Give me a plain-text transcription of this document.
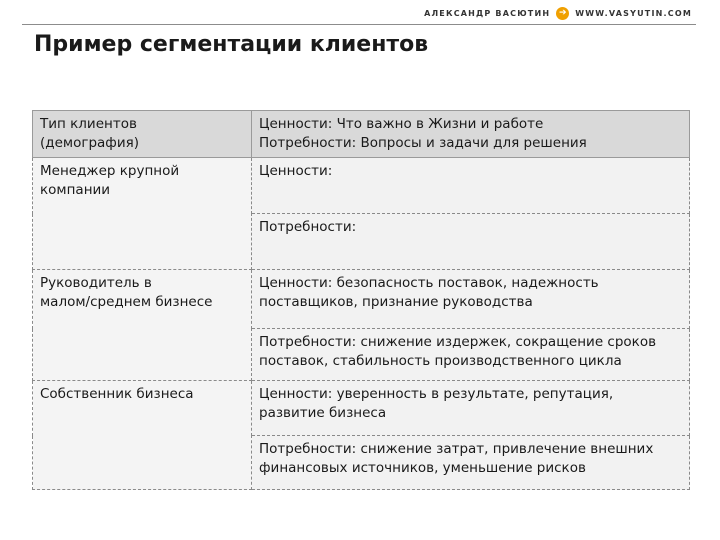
АЛЕКСАНДР ВАСЮТИН ➔	WWW.VASYUTIN.COM
Пример сегментации клиентов
Тип клиентов
(демография)	Ценности: Что важно в Жизни и работе
Потребности: Вопросы и задачи для решения
Менеджер крупной
компании	Ценности:
	Потребности:
Руководитель в
малом/среднем бизнесе	Ценности: безопасность поставок, надежность
поставщиков, признание руководства
	Потребности: снижение издержек, сокращение сроков
поставок, стабильность производственного цикла
Собственник бизнеса	Ценности: уверенность в результате, репутация,
развитие бизнеса
	Потребности: снижение затрат, привлечение внешних
финансовых источников, уменьшение рисков
